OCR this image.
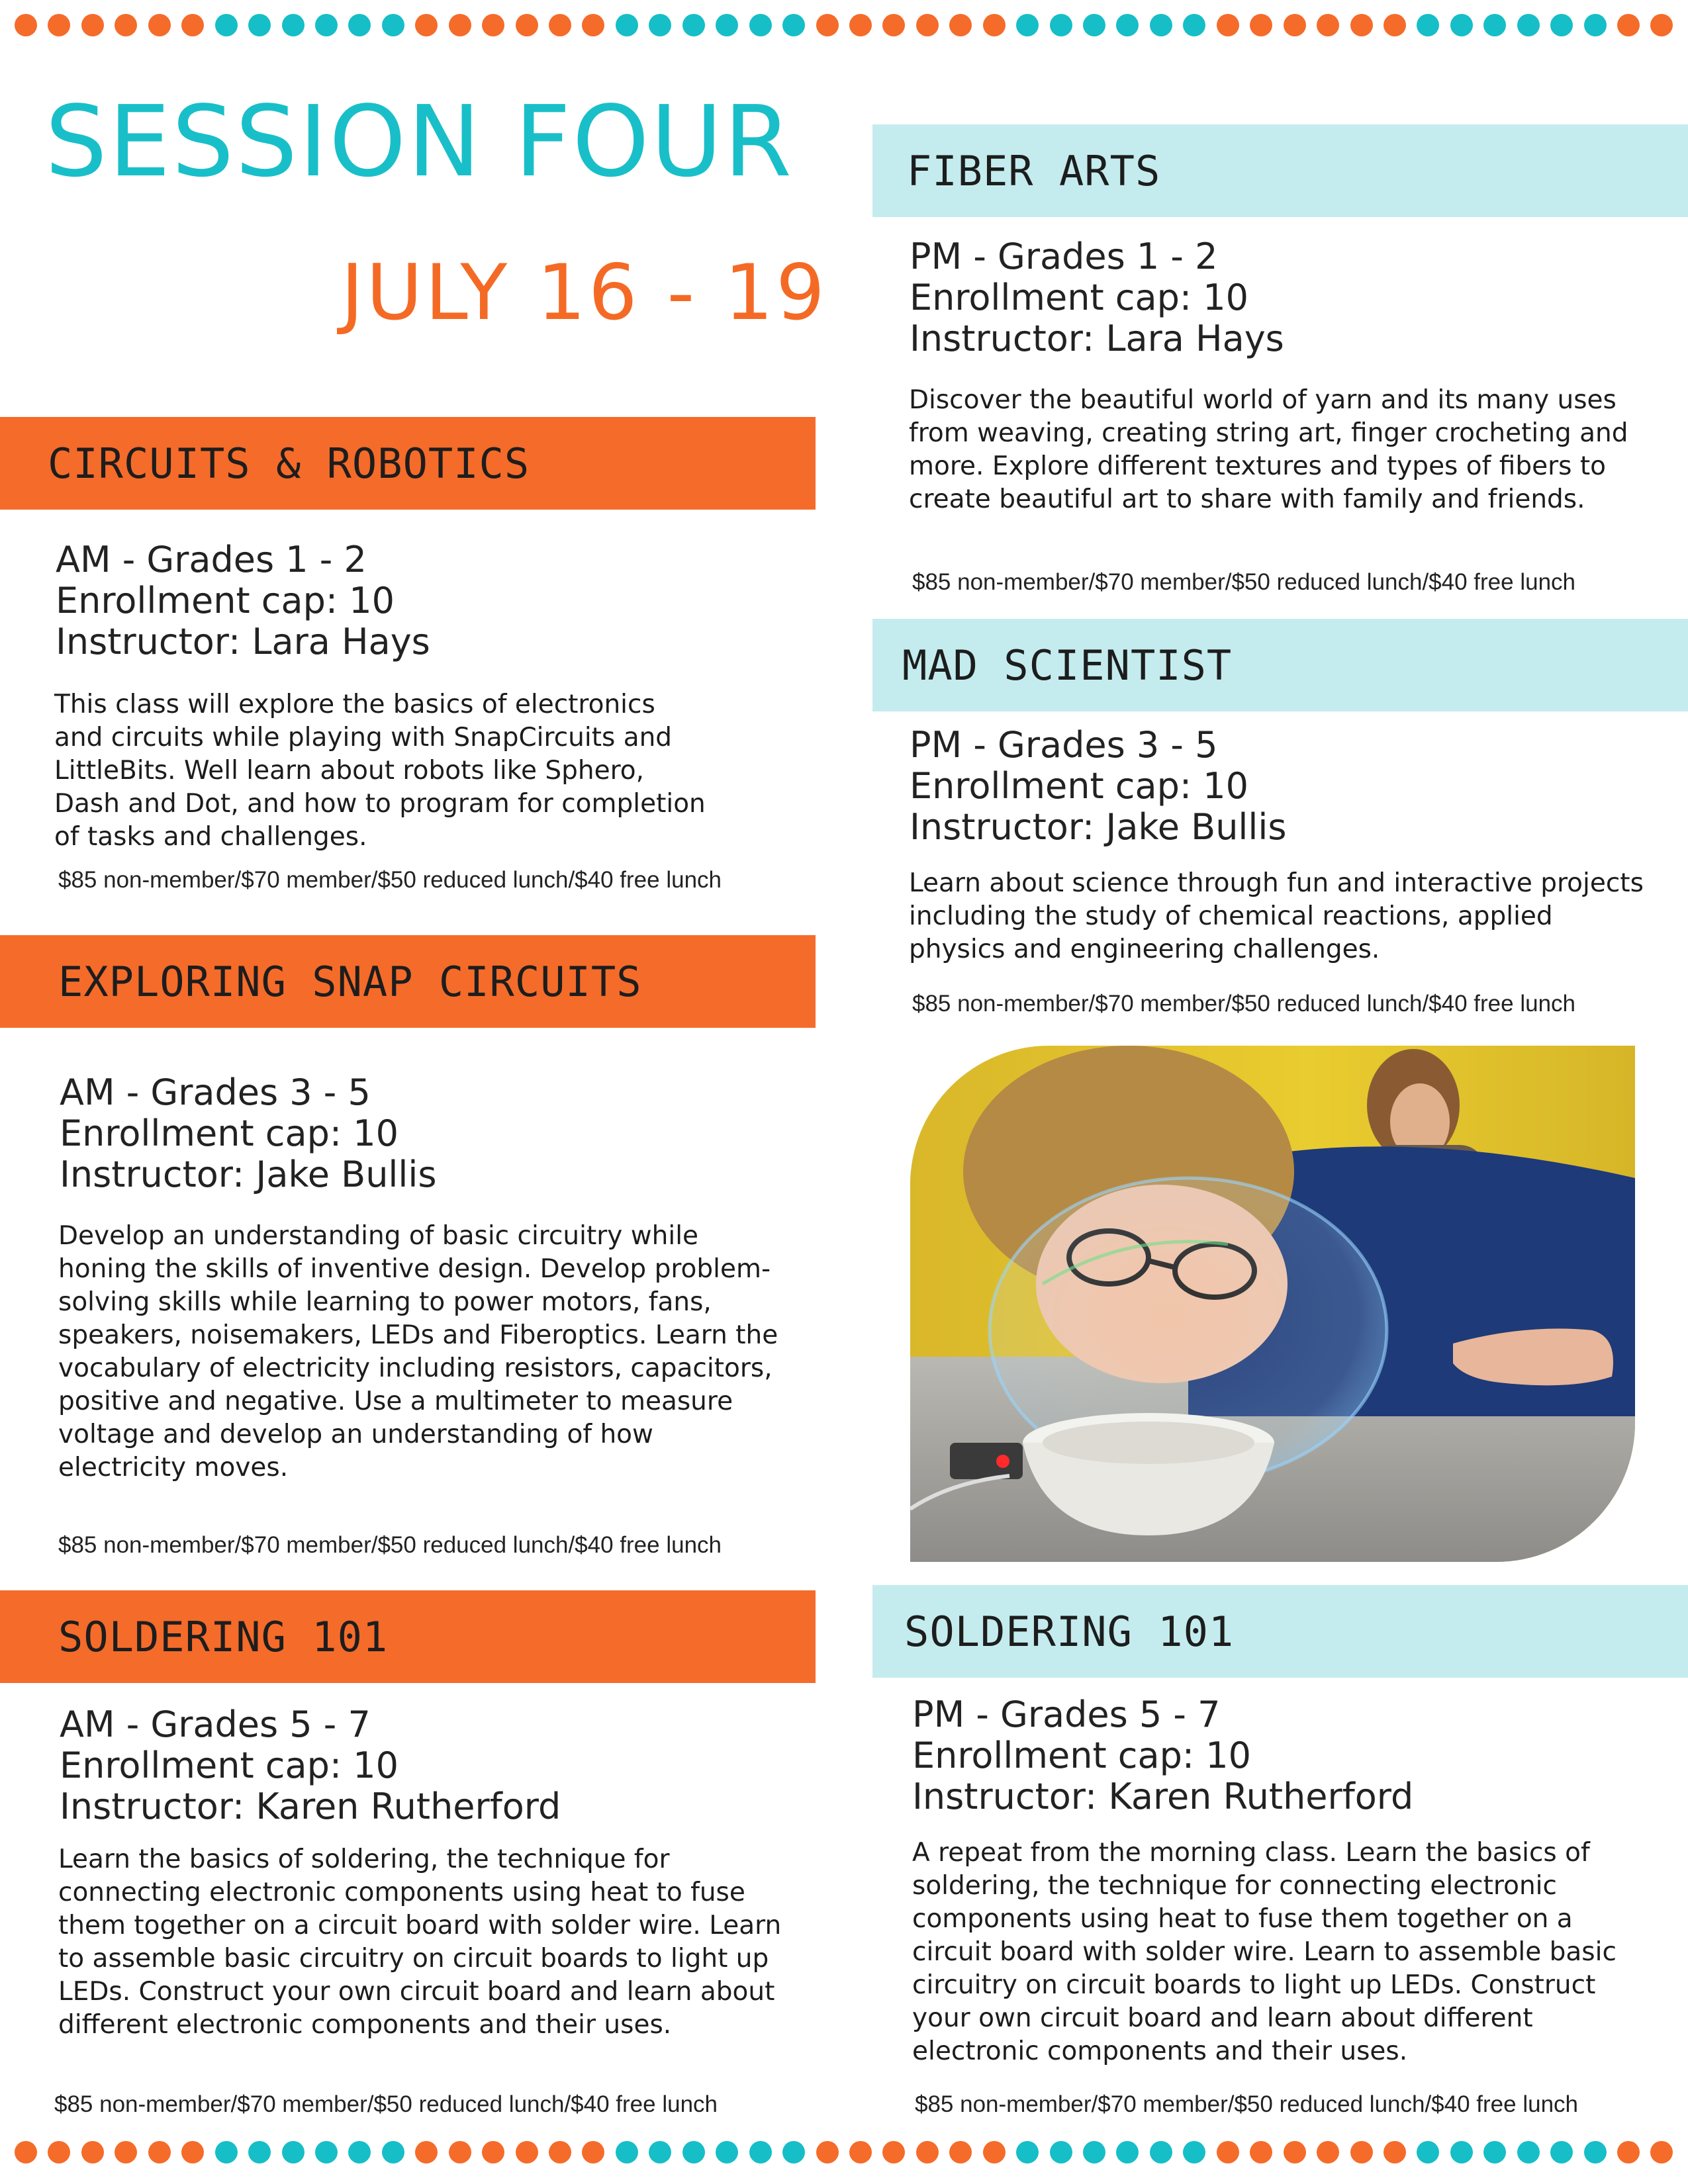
SESSION FOUR
JULY 16 - 19
CIRCUITS & ROBOTICS
AM - Grades 1 - 2
Enrollment cap: 10
Instructor: Lara Hays
This class will explore the basics of electronics and circuits while playing with SnapCircuits and LittleBits. Well learn about robots like Sphero, Dash and Dot, and how to program for completion of tasks and challenges.
$85 non-member/$70 member/$50 reduced lunch/$40 free lunch
EXPLORING SNAP CIRCUITS
AM - Grades 3 - 5
Enrollment cap: 10
Instructor: Jake Bullis
Develop an understanding of basic circuitry while honing the skills of inventive design. Develop problem-solving skills while learning to power motors, fans, speakers, noisemakers, LEDs and Fiberoptics. Learn the vocabulary of electricity including resistors, capacitors, positive and negative. Use a multimeter to measure voltage and develop an understanding of how electricity moves.
$85 non-member/$70 member/$50 reduced lunch/$40 free lunch
SOLDERING 101
AM - Grades 5 - 7
Enrollment cap: 10
Instructor: Karen Rutherford
Learn the basics of soldering, the technique for connecting electronic components using heat to fuse them together on a circuit board with solder wire. Learn to assemble basic circuitry on circuit boards to light up LEDs. Construct your own circuit board and learn about different electronic components and their uses.
$85 non-member/$70 member/$50 reduced lunch/$40 free lunch
FIBER ARTS
PM - Grades 1 - 2
Enrollment cap: 10
Instructor: Lara Hays
Discover the beautiful world of yarn and its many uses from weaving, creating string art, finger crocheting and more. Explore different textures and types of fibers to create beautiful art to share with family and friends.
$85 non-member/$70 member/$50 reduced lunch/$40 free lunch
MAD SCIENTIST
PM - Grades 3 - 5
Enrollment cap: 10
Instructor: Jake Bullis
Learn about science through fun and interactive projects including the study of chemical reactions, applied physics and engineering challenges.
$85 non-member/$70 member/$50 reduced lunch/$40 free lunch
SOLDERING 101
PM - Grades 5 - 7
Enrollment cap: 10
Instructor: Karen Rutherford
A repeat from the morning class. Learn the basics of soldering, the technique for connecting electronic components using heat to fuse them together on a circuit board with solder wire. Learn to assemble basic circuitry on circuit boards to light up LEDs. Construct your own circuit board and learn about different electronic components and their uses.
$85 non-member/$70 member/$50 reduced lunch/$40 free lunch
